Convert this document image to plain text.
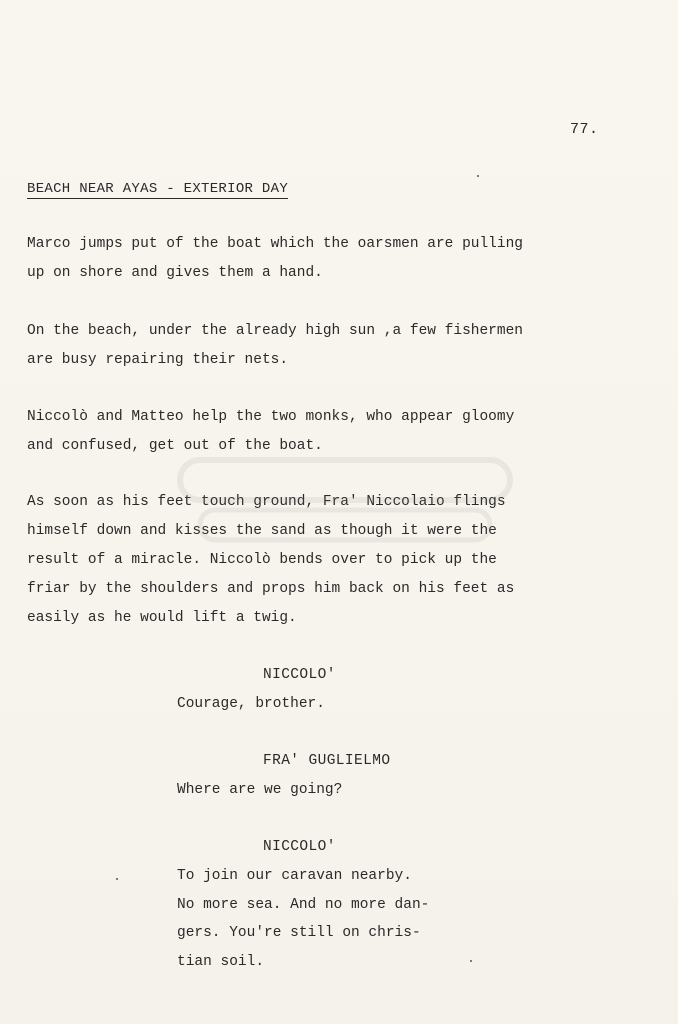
77.
BEACH NEAR AYAS - EXTERIOR DAY
Marco jumps put of the boat which the oarsmen are pulling
up on shore and gives them a hand.
On the beach, under the already high sun ,a few fishermen
are busy repairing their nets.
Niccolò and Matteo help the two monks, who appear gloomy
and confused, get out of the boat.
As soon as his feet touch ground, Fra' Niccolaio flings
himself down and kisses the sand as though it were the
result of a miracle. Niccolò bends over to pick up the
friar by the shoulders and props him back on his feet as
easily as he would lift a twig.
NICCOLO'
Courage, brother.
FRA' GUGLIELMO
Where are we going?
NICCOLO'
To join our caravan nearby.
No more sea. And no more dan-
gers. You're still on chris-
tian soil.
